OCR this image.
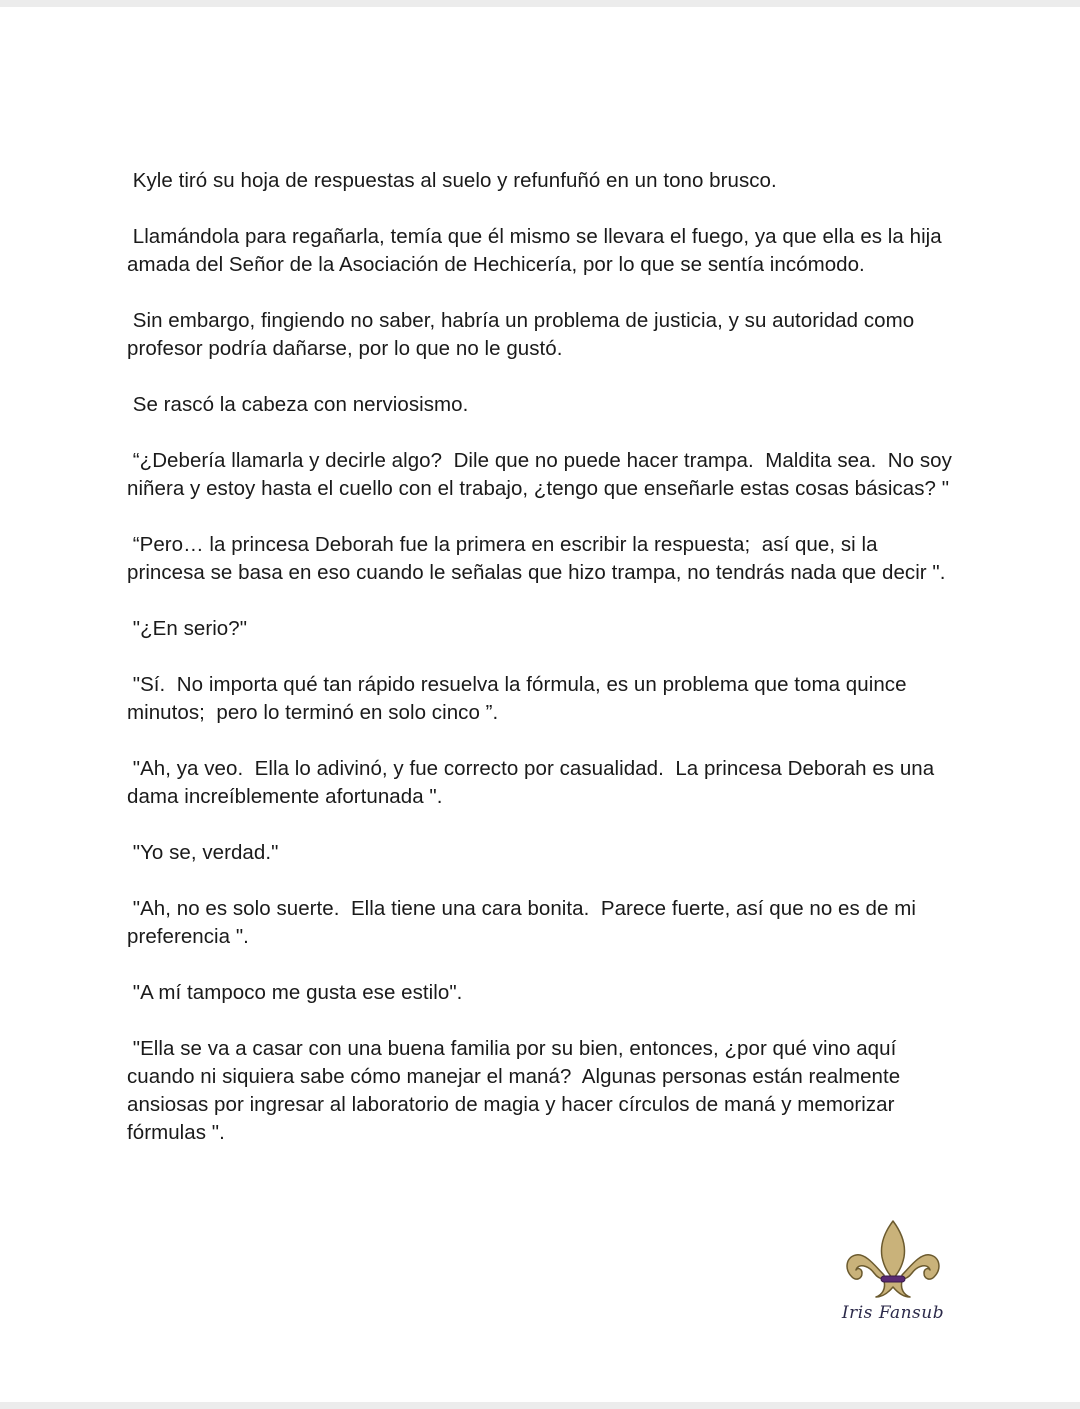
Kyle tiró su hoja de respuestas al suelo y refunfuñó en un tono brusco.

Llamándola para regañarla, temía que él mismo se llevara el fuego, ya que ella es la hija amada del Señor de la Asociación de Hechicería, por lo que se sentía incómodo.

Sin embargo, fingiendo no saber, habría un problema de justicia, y su autoridad como profesor podría dañarse, por lo que no le gustó.

Se rascó la cabeza con nerviosismo.

“¿Debería llamarla y decirle algo?  Dile que no puede hacer trampa.  Maldita sea.  No soy niñera y estoy hasta el cuello con el trabajo, ¿tengo que enseñarle estas cosas básicas? "

“Pero… la princesa Deborah fue la primera en escribir la respuesta;  así que, si la princesa se basa en eso cuando le señalas que hizo trampa, no tendrás nada que decir ".

"¿En serio?"

"Sí.  No importa qué tan rápido resuelva la fórmula, es un problema que toma quince minutos;  pero lo terminó en solo cinco ”.

"Ah, ya veo.  Ella lo adivinó, y fue correcto por casualidad.  La princesa Deborah es una dama increíblemente afortunada ".

"Yo se, verdad."

"Ah, no es solo suerte.  Ella tiene una cara bonita.  Parece fuerte, así que no es de mi preferencia ".

"A mí tampoco me gusta ese estilo".

"Ella se va a casar con una buena familia por su bien, entonces, ¿por qué vino aquí cuando ni siquiera sabe cómo manejar el maná?  Algunas personas están realmente ansiosas por ingresar al laboratorio de magia y hacer círculos de maná y memorizar fórmulas ".

Iris Fansub
